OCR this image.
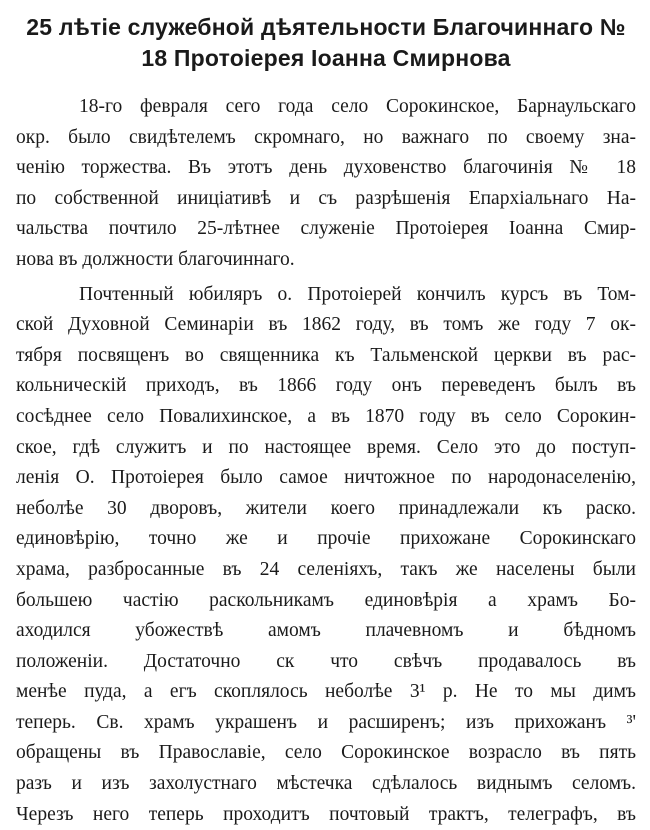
25 лѣтіе служебной дѣятельности Благочиннаго №
18 Протоіерея Іоанна Смирнова
18-го февраля сего года село Сорокинское, Барнаульскаго
окр. было свидѣтелемъ скромнаго, но важнаго по своему зна-
ченію торжества. Въ этотъ день духовенство благочинія № 18
по собственной иниціативѣ и съ разрѣшенія Епархіальнаго На-
чальства почтило 25-лѣтнее служеніе Протоіерея Іоанна Смир-
нова въ должности благочиннаго.
Почтенный юбиляръ о. Протоіерей кончилъ курсъ въ Том-
ской Духовной Семинаріи въ 1862 году, въ томъ же году 7 ок-
тября посвященъ во священника къ Тальменской церкви въ рас-
кольническій приходъ, въ 1866 году онъ переведенъ былъ въ
сосѣднее село Повалихинское, а въ 1870 году въ село Сорокин-
ское, гдѣ служитъ и по настоящее время. Село это до поступ-
ленія О. Протоіерея было самое ничтожное по народонаселенію,
неболѣе 30 дворовъ, жители коего принадлежали къ раско.
единовѣрію, точно же и прочіе прихожане Сорокинскаго
храма, разбросанные въ 24 селеніяхъ, такъ же населены были
большею частію раскольникамъ единовѣрія а храмъ Бо-
аходился убожествѣ амомъ плачевномъ и бѣдномъ
положеніи. Достаточно ск что свѣчъ продавалось въ
менѣе пуда, а егъ скоплялось неболѣе 3¹ р. Не то мы димъ
теперь. Св. храмъ украшенъ и расширенъ; изъ прихожанъ ³'
обращены въ Православіе, село Сорокинское возрасло въ пять
разъ и изъ захолустнаго мѣстечка сдѣлалось виднымъ селомъ.
Черезъ него теперь проходитъ почтовый трактъ, телеграфъ, въ
